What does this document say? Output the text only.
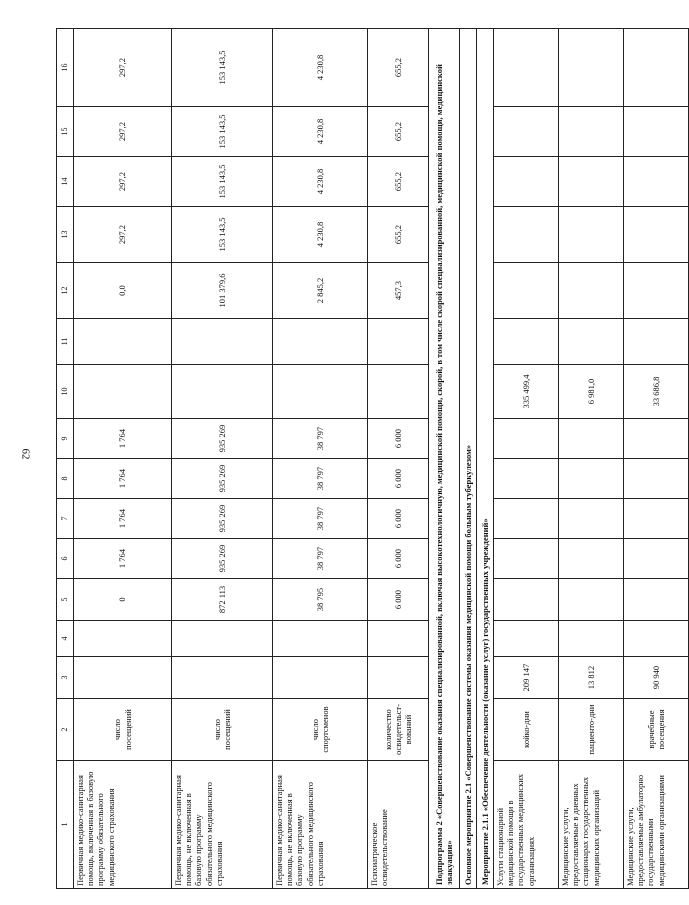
62
1	2	3	4	5	6	7	8	9	10	11	12	13	14	15	16
Первичная медико-санитарная помощь, включенная в базовую программу обязательного медицинского страхования	число посещений			0	1 764	1 764	1 764	1 764			0,0	297,2	297,2	297,2	297,2
Первичная медико-санитарная помощь, не включенная в базовую программу обязательного медицинского страхования	число посещений			872 113	935 269	935 269	935 269	935 269			101 379,6	153 143,5	153 143,5	153 143,5	153 143,5
Первичная медико-санитарная помощь, не включенная в базовую программу обязательного медицинского страхования	число спортсменов			38 795	38 797	38 797	38 797	38 797			2 845,2	4 230,8	4 230,8	4 230,8	4 230,8
Психиатрическое освидетельствование	количество освидетельст-вований			6 000	6 000	6 000	6 000	6 000			457,3	655,2	655,2	655,2	655,2
Подпрограмма 2 «Совершенствование оказания специализированной, включая высокотехнологичную, медицинской помощи, скорой, в том числе скорой специализированной, медицинской помощи, медицинской эвакуации»															
Основное мероприятие 2.1 «Совершенствование системы оказания медицинской помощи больным туберкулезом»															
Мероприятие 2.1.1 «Обеспечение деятельности (оказание услуг) государственных учреждений»															
Услуги стационарной медицинской помощи в государственных медицинских организациях	койко-дни	209 147							335 499,4						
Медицинские услуги, предоставляемые в дневных стационарах государственных медицинских организаций	пациенто-дни	13 812							6 981,0						
Медицинские услуги, предоставляемые амбулаторно государственными медицинскими организациями	врачебные посещения	90 940							33 686,8						
